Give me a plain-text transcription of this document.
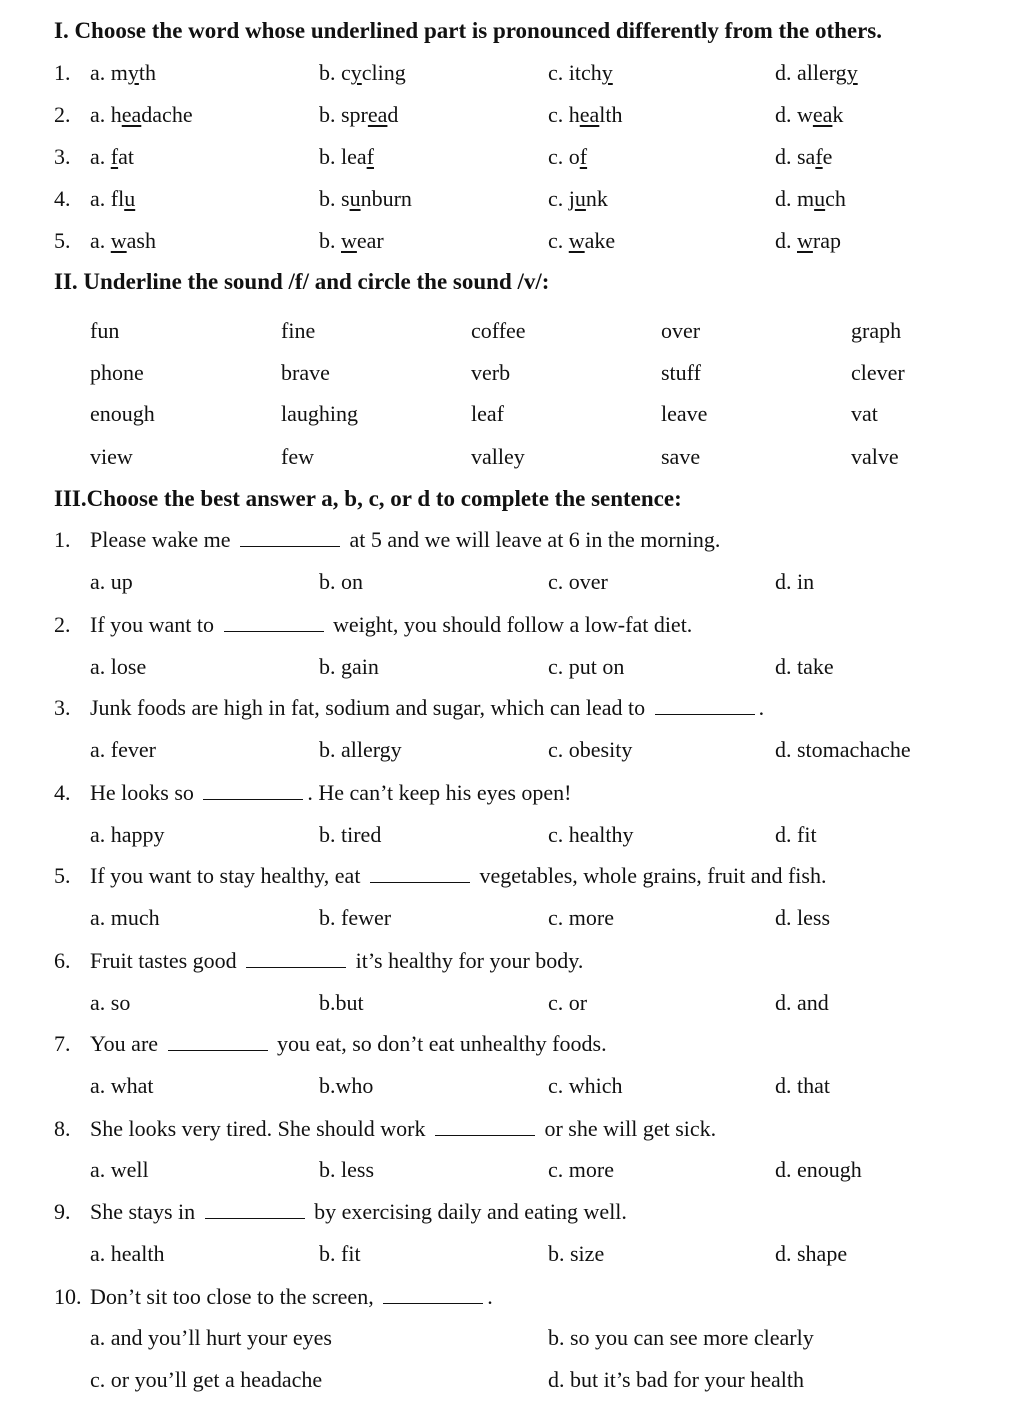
I. Choose the word whose underlined part is pronounced differently from the others.
1. a. myth	b. cycling	c. itchy	d. allergy
2. a. headache	b. spread	c. health	d. weak
3. a. fat	b. leaf	c. of	d. safe
4. a. flu	b. sunburn	c. junk	d. much
5. a. wash	b. wear	c. wake	d. wrap
II. Underline the sound /f/ and circle the sound /v/:
fun	fine	coffee	over	graph
phone	brave	verb	stuff	clever
enough	laughing	leaf	leave	vat
view	few	valley	save	valve
III.Choose the best answer a, b, c, or d to complete the sentence:
1. Please wake me	at 5 and we will leave at 6 in the morning.
a. up	b. on	c. over	d. in
2. If you want to	weight, you should follow a low-fat diet.
a. lose	b. gain	c. put on	d. take
3. Junk foods are high in fat, sodium and sugar, which can lead to	.
a. fever	b. allergy	c. obesity	d. stomachache
4. He looks so	. He can’t keep his eyes open!
a. happy	b. tired	c. healthy	d. fit
5. If you want to stay healthy, eat	vegetables, whole grains, fruit and fish.
a. much	b. fewer	c. more	d. less
6. Fruit tastes good	it’s healthy for your body.
a. so	b.but	c. or	d. and
7. You are	you eat, so don’t eat unhealthy foods.
a. what	b.who	c. which	d. that
8. She looks very tired. She should work	or she will get sick.
a. well	b. less	c. more	d. enough
9. She stays in	by exercising daily and eating well.
a. health	b. fit	b. size	d. shape
10. Don’t sit too close to the screen,	.
a. and you’ll hurt your eyes	b. so you can see more clearly
c. or you’ll get a headache	d. but it’s bad for your health
